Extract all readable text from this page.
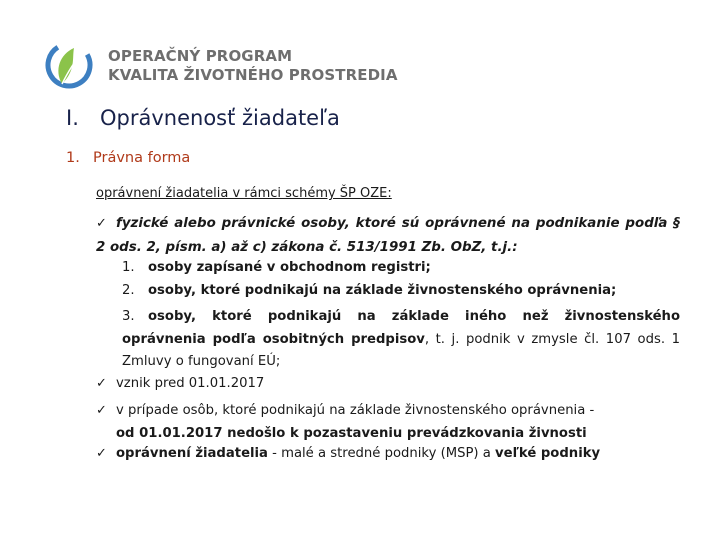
OPERAČNÝ PROGRAM
KVALITA ŽIVOTNÉHO PROSTREDIA
I. Oprávnenosť žiadateľa
1. Právna forma
oprávnení žiadatelia v rámci schémy ŠP OZE:
✓ fyzické alebo právnické osoby, ktoré sú oprávnené na podnikanie podľa § 2 ods. 2, písm. a) až c) zákona č. 513/1991 Zb. ObZ, t.j.:
1. osoby zapísané v obchodnom registri;
2. osoby, ktoré podnikajú na základe živnostenského oprávnenia;
3. osoby, ktoré podnikajú na základe iného než živnostenského oprávnenia podľa osobitných predpisov, t. j. podnik v zmysle čl. 107 ods. 1 Zmluvy o fungovaní EÚ;
✓ vznik pred 01.01.2017
✓ v prípade osôb, ktoré podnikajú na základe živnostenského oprávnenia -
od 01.01.2017 nedošlo k pozastaveniu prevádzkovania živnosti
✓ oprávnení žiadatelia - malé a stredné podniky (MSP) a veľké podniky
